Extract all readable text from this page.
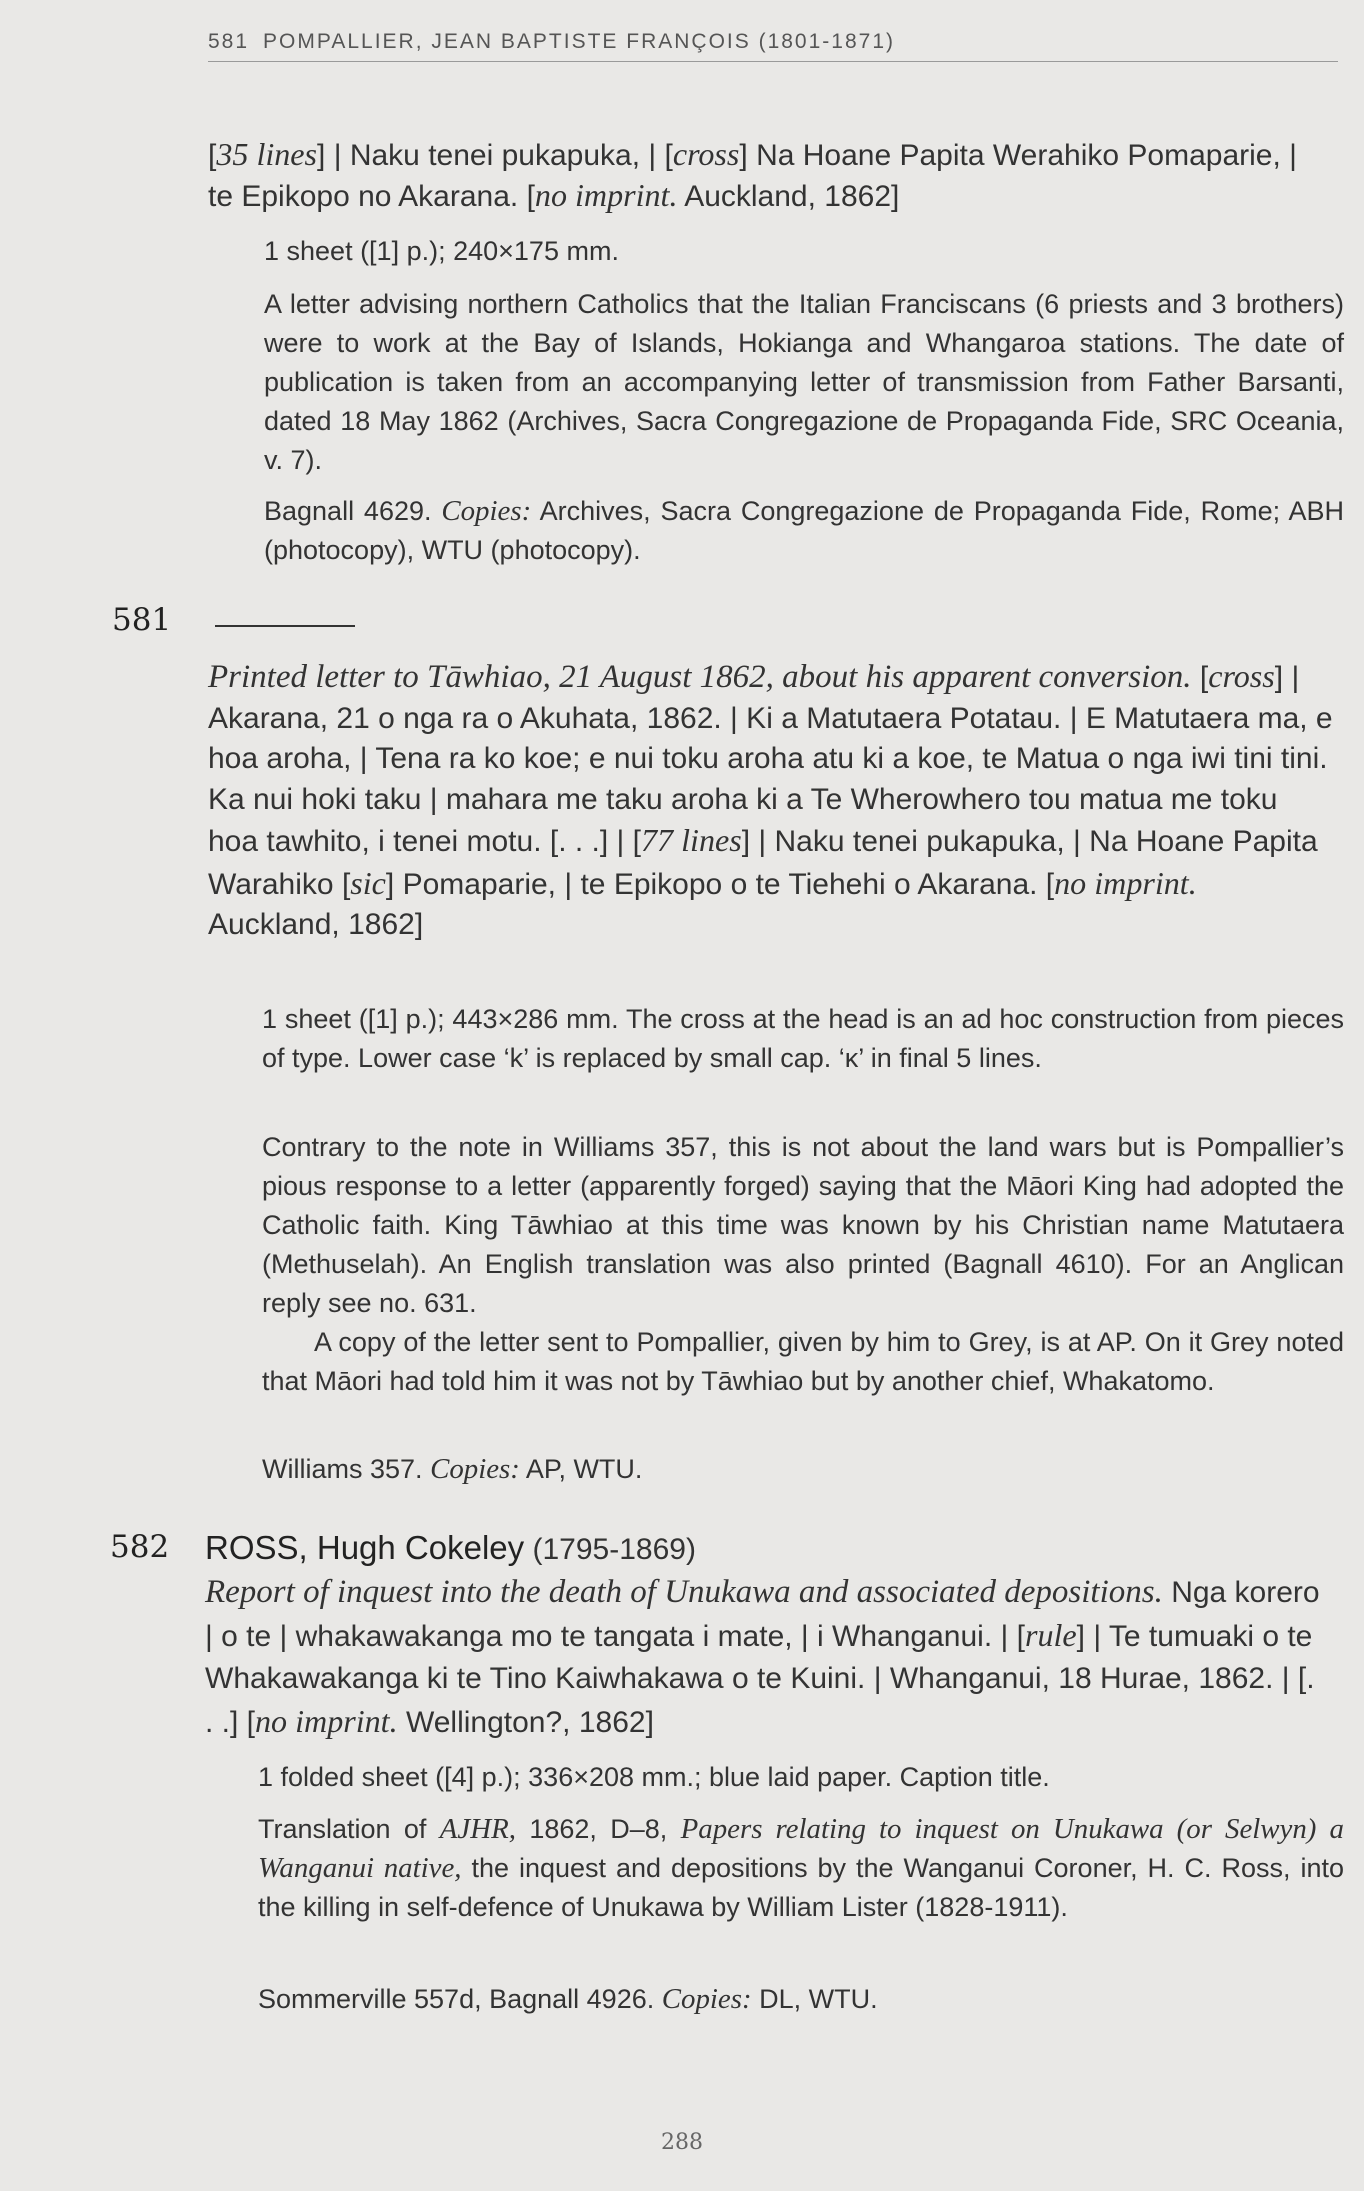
581 POMPALLIER, JEAN BAPTISTE FRANÇOIS (1801-1871)
[35 lines] | Naku tenei pukapuka, | [cross] Na Hoane Papita Werahiko Pomaparie, | te Epikopo no Akarana. [no imprint. Auckland, 1862]
1 sheet ([1] p.); 240×175 mm.
A letter advising northern Catholics that the Italian Franciscans (6 priests and 3 brothers) were to work at the Bay of Islands, Hokianga and Whangaroa stations. The date of publication is taken from an accompanying letter of transmission from Father Barsanti, dated 18 May 1862 (Archives, Sacra Congregazione de Propaganda Fide, SRC Oceania, v. 7).
Bagnall 4629. Copies: Archives, Sacra Congregazione de Propaganda Fide, Rome; ABH (photocopy), WTU (photocopy).
581
Printed letter to Tāwhiao, 21 August 1862, about his apparent conversion. [cross] | Akarana, 21 o nga ra o Akuhata, 1862. | Ki a Matutaera Potatau. | E Matutaera ma, e hoa aroha, | Tena ra ko koe; e nui toku aroha atu ki a koe, te Matua o nga iwi tini tini. Ka nui hoki taku | mahara me taku aroha ki a Te Wherowhero tou matua me toku hoa tawhito, i tenei motu. [. . .] | [77 lines] | Naku tenei pukapuka, | Na Hoane Papita Warahiko [sic] Pomaparie, | te Epikopo o te Tiehehi o Akarana. [no imprint. Auckland, 1862]
1 sheet ([1] p.); 443×286 mm. The cross at the head is an ad hoc construction from pieces of type. Lower case ‘k’ is replaced by small cap. ‘ᴋ’ in final 5 lines.
Contrary to the note in Williams 357, this is not about the land wars but is Pompallier’s pious response to a letter (apparently forged) saying that the Māori King had adopted the Catholic faith. King Tāwhiao at this time was known by his Christian name Matutaera (Methuselah). An English translation was also printed (Bagnall 4610). For an Anglican reply see no. 631.
A copy of the letter sent to Pompallier, given by him to Grey, is at AP. On it Grey noted that Māori had told him it was not by Tāwhiao but by another chief, Whakatomo.
Williams 357. Copies: AP, WTU.
582 ROSS, Hugh Cokeley (1795-1869)
Report of inquest into the death of Unukawa and associated depositions. Nga korero | o te | whakawakanga mo te tangata i mate, | i Whanganui. | [rule] | Te tumuaki o te Whakawakanga ki te Tino Kaiwhakawa o te Kuini. | Whanganui, 18 Hurae, 1862. | [. . .] [no imprint. Wellington?, 1862]
1 folded sheet ([4] p.); 336×208 mm.; blue laid paper. Caption title.
Translation of AJHR, 1862, D–8, Papers relating to inquest on Unukawa (or Selwyn) a Wanganui native, the inquest and depositions by the Wanganui Coroner, H. C. Ross, into the killing in self-defence of Unukawa by William Lister (1828-1911).
Sommerville 557d, Bagnall 4926. Copies: DL, WTU.
288
